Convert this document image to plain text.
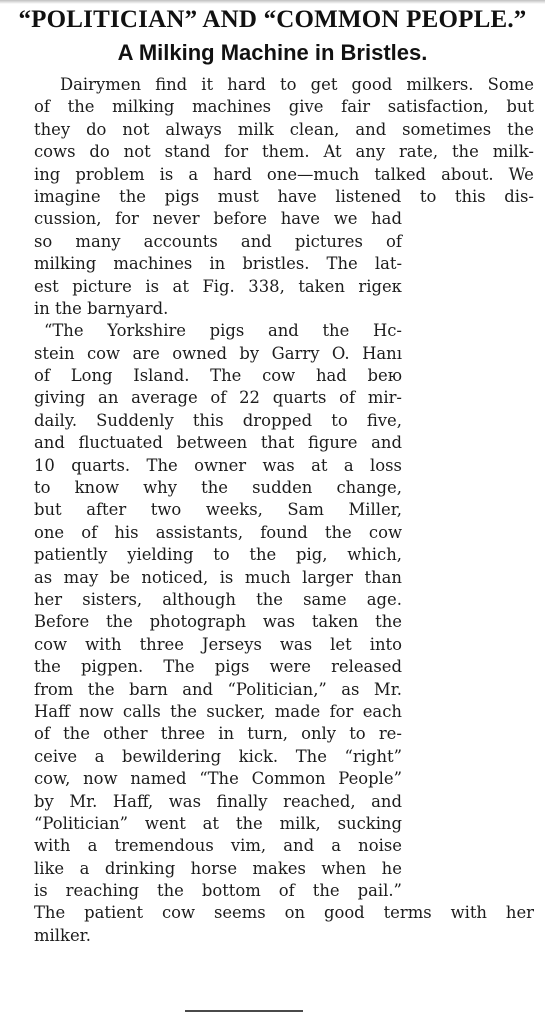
“POLITICIAN” AND “COMMON PEOPLE.”
A Milking Machine in Bristles.
Dairymen find it hard to get good milkers. Some
of the milking machines give fair satisfaction, but
they do not always milk clean, and sometimes the
cows do not stand for them. At any rate, the milk-
ing problem is a hard one—much talked about. We
imagine the pigs must have listened to this dis-
cussion, for never before have we had
so many accounts and pictures of
milking machines in bristles. The lat-
est picture is at Fig. 338, taken rigeк
in the barnyard.
“The Yorkshire pigs and the Hc-
stein cow are owned by Garry O. Hanı
of Long Island. The cow had beю
giving an average of 22 quarts of mir-
daily. Suddenly this dropped to five,
and fluctuated between that figure and
10 quarts. The owner was at a loss
to know why the sudden change,
but after two weeks, Sam Miller,
one of his assistants, found the cow
patiently yielding to the pig, which,
as may be noticed, is much larger than
her sisters, although the same age.
Before the photograph was taken the
cow with three Jerseys was let into
the pigpen. The pigs were released
from the barn and “Politician,” as Mr.
Haff now calls the sucker, made for each
of the other three in turn, only to re-
ceive a bewildering kick. The “right”
cow, now named “The Common People”
by Mr. Haff, was finally reached, and
“Politician” went at the milk, sucking
with a tremendous vim, and a noise
like a drinking horse makes when he
is reaching the bottom of the pail.”
The patient cow seems on good terms with her
milker.
